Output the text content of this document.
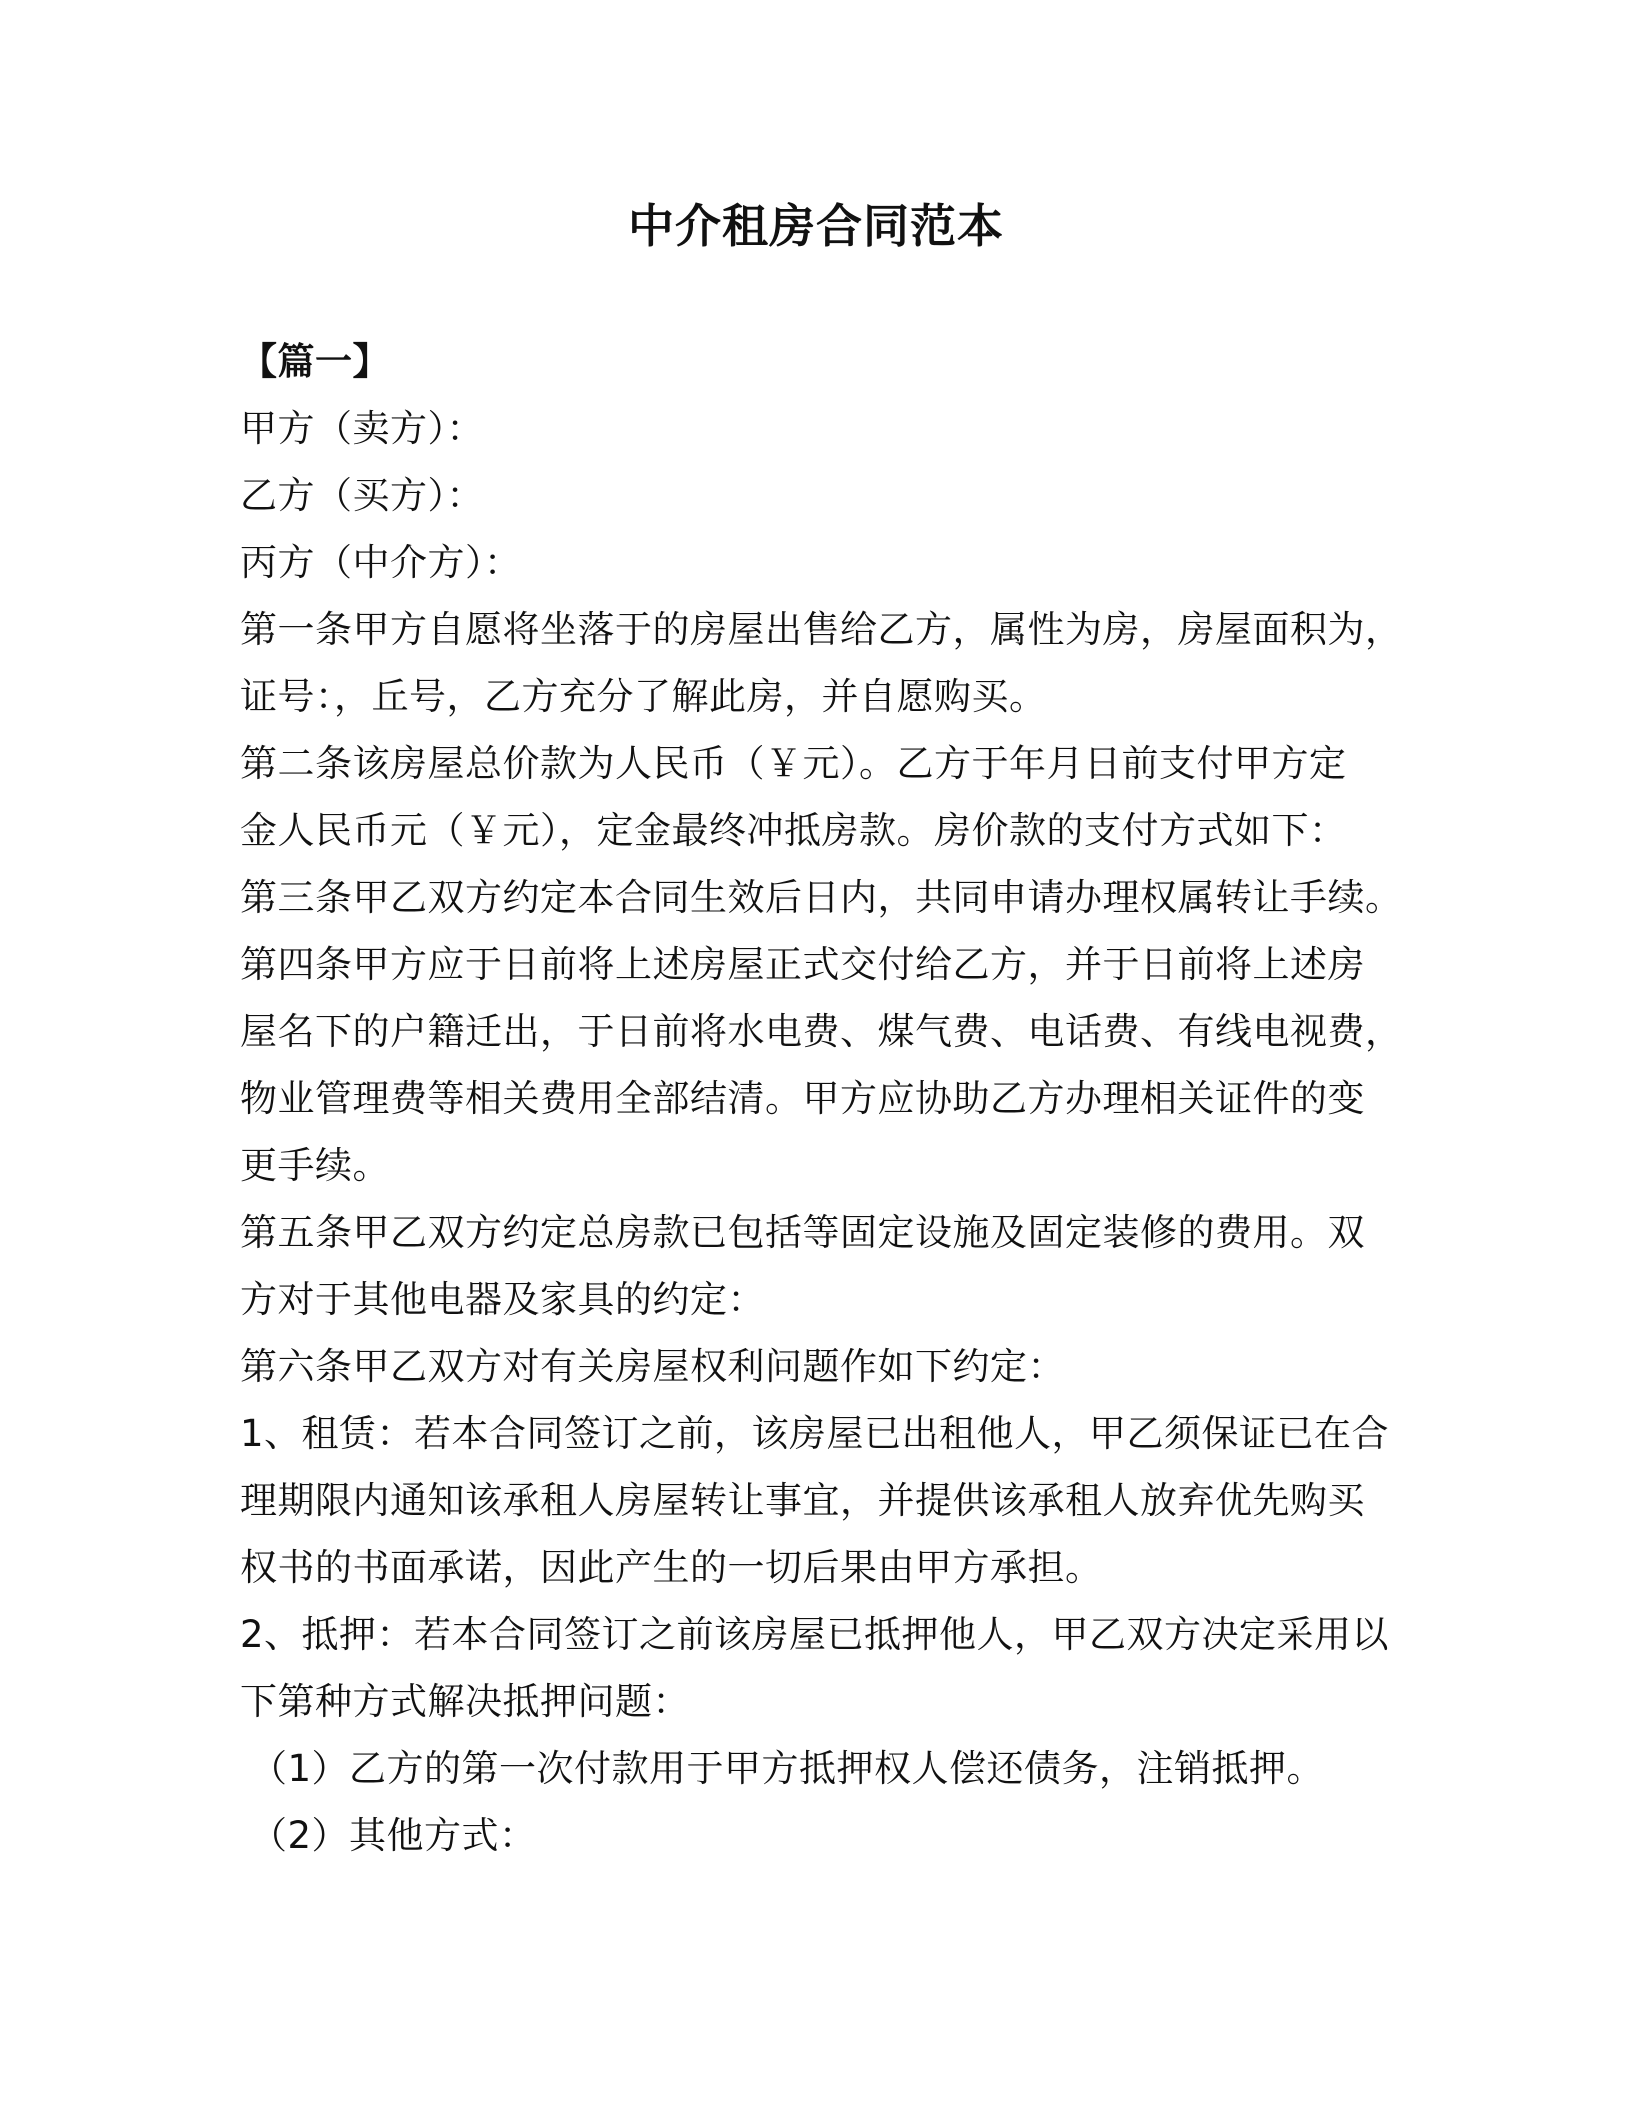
中介租房合同范本
【篇一】
甲方（卖方）：
乙方（买方）：
丙方（中介方）：
第一条甲方自愿将坐落于的房屋出售给乙方，属性为房，房屋面积为，
证号：，丘号，乙方充分了解此房，并自愿购买。
第二条该房屋总价款为人民币（￥元）。乙方于年月日前支付甲方定
金人民币元（￥元），定金最终冲抵房款。房价款的支付方式如下：
第三条甲乙双方约定本合同生效后日内，共同申请办理权属转让手续。
第四条甲方应于日前将上述房屋正式交付给乙方，并于日前将上述房
屋名下的户籍迁出，于日前将水电费、煤气费、电话费、有线电视费，
物业管理费等相关费用全部结清。甲方应协助乙方办理相关证件的变
更手续。
第五条甲乙双方约定总房款已包括等固定设施及固定装修的费用。双
方对于其他电器及家具的约定：
第六条甲乙双方对有关房屋权利问题作如下约定：
1、租赁：若本合同签订之前，该房屋已出租他人，甲乙须保证已在合
理期限内通知该承租人房屋转让事宜，并提供该承租人放弃优先购买
权书的书面承诺，因此产生的一切后果由甲方承担。
2、抵押：若本合同签订之前该房屋已抵押他人，甲乙双方决定采用以
下第种方式解决抵押问题：
（1）乙方的第一次付款用于甲方抵押权人偿还债务，注销抵押。
（2）其他方式：
